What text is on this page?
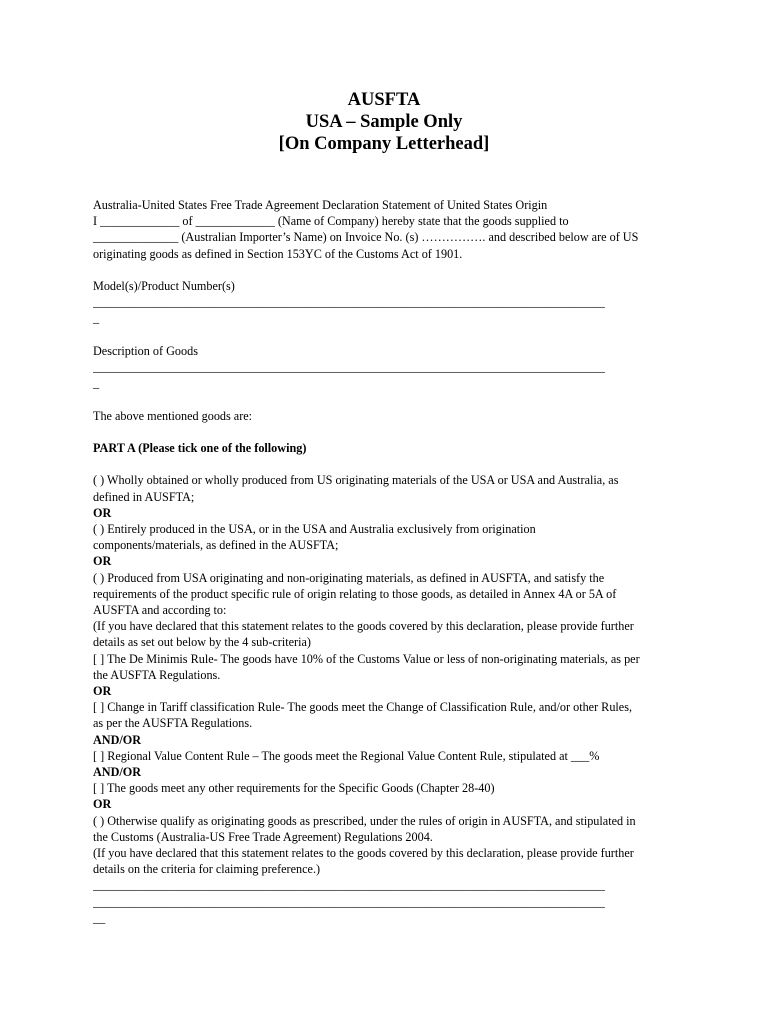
AUSFTA

USA – Sample Only

[On Company Letterhead]

Australia-United States Free Trade Agreement Declaration Statement of United States Origin

I _____________ of _____________ (Name of Company) hereby state that the goods supplied to

______________ (Australian Importer’s Name) on Invoice No. (s) ……………. and described below are of US

originating goods as defined in Section 153YC of the Customs Act of 1901.

Model(s)/Product Number(s)

____________________________________________________________________________________

_

Description of Goods

____________________________________________________________________________________

_

The above mentioned goods are:

PART A (Please tick one of the following)

( ) Wholly obtained or wholly produced from US originating materials of the USA or USA and Australia, as

defined in AUSFTA;

OR

( ) Entirely produced in the USA, or in the USA and Australia exclusively from origination

components/materials, as defined in the AUSFTA;

OR

( ) Produced from USA originating and non-originating materials, as defined in AUSFTA, and satisfy the

requirements of the product specific rule of origin relating to those goods, as detailed in Annex 4A or 5A of

AUSFTA and according to:

(If you have declared that this statement relates to the goods covered by this declaration, please provide further

details as set out below by the 4 sub-criteria)

[ ] The De Minimis Rule- The goods have 10% of the Customs Value or less of non-originating materials, as per

the AUSFTA Regulations.

OR

[ ] Change in Tariff classification Rule- The goods meet the Change of Classification Rule, and/or other Rules,

as per the AUSFTA Regulations.

AND/OR

[ ] Regional Value Content Rule – The goods meet the Regional Value Content Rule, stipulated at ___%

AND/OR

[ ] The goods meet any other requirements for the Specific Goods (Chapter 28-40)

OR

( ) Otherwise qualify as originating goods as prescribed, under the rules of origin in AUSFTA, and stipulated in

the Customs (Australia-US Free Trade Agreement) Regulations 2004.

(If you have declared that this statement relates to the goods covered by this declaration, please provide further

details on the criteria for claiming preference.)

____________________________________________________________________________________

____________________________________________________________________________________

__
